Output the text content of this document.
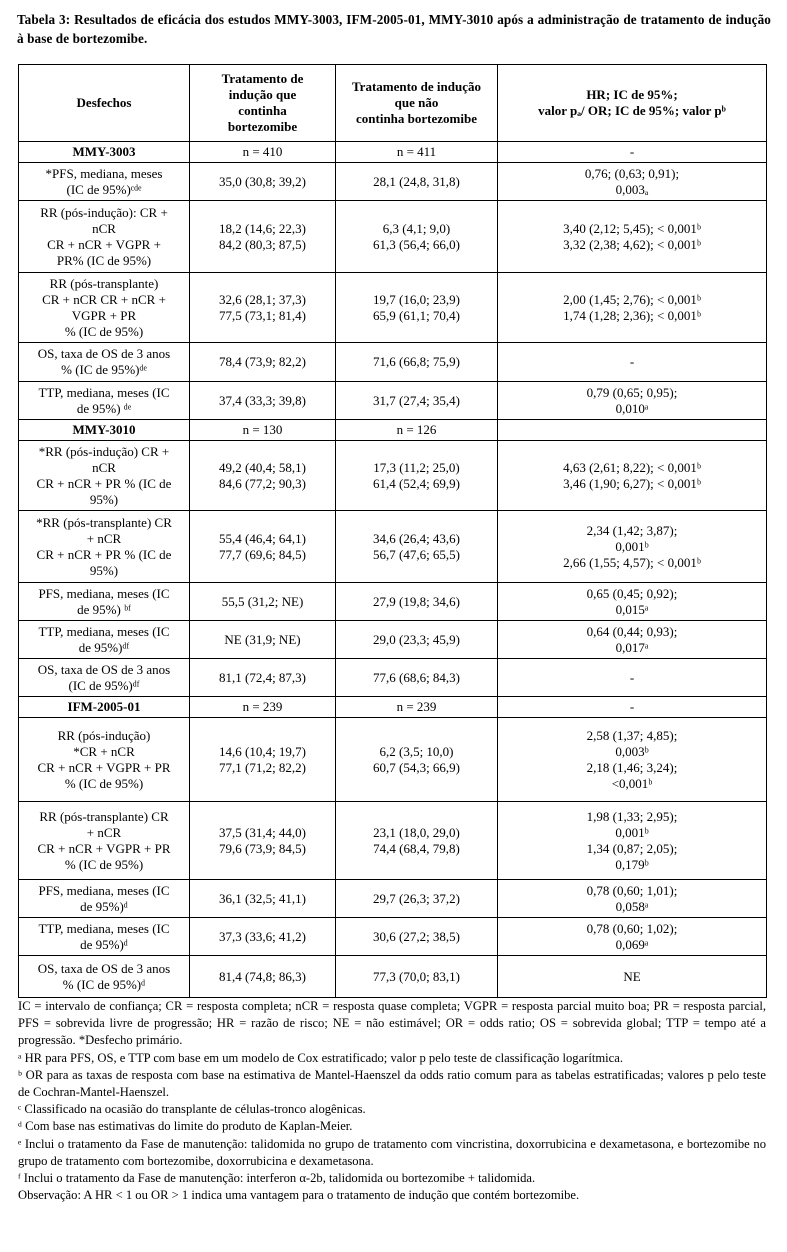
Tabela 3: Resultados de eficácia dos estudos MMY-3003, IFM-2005-01, MMY-3010 após a administração de tratamento de indução à base de bortezomibe.
Desfechos	Tratamento de
indução que
continha
bortezomibe	Tratamento de indução
que não
continha bortezomibe	HR; IC de 95%;
valor pₐ/ OR; IC de 95%; valor pᵇ

MMY-3003	n = 410	n = 411	-

*PFS, mediana, meses
(IC de 95%)ᶜᵈᵉ	35,0 (30,8; 39,2)	28,1 (24,8, 31,8)	0,76; (0,63; 0,91);
0,003ₐ

RR (pós-indução): CR +
nCR
CR + nCR + VGPR +
PR% (IC de 95%)	18,2 (14,6; 22,3)
84,2 (80,3; 87,5)	6,3 (4,1; 9,0)
61,3 (56,4; 66,0)	3,40 (2,12; 5,45); < 0,001ᵇ
3,32 (2,38; 4,62); < 0,001ᵇ

RR (pós-transplante)
CR + nCR CR + nCR +
VGPR + PR
% (IC de 95%)	32,6 (28,1; 37,3)
77,5 (73,1; 81,4)	19,7 (16,0; 23,9)
65,9 (61,1; 70,4)	2,00 (1,45; 2,76); < 0,001ᵇ
1,74 (1,28; 2,36); < 0,001ᵇ

OS, taxa de OS de 3 anos
% (IC de 95%)ᵈᵉ	78,4 (73,9; 82,2)	71,6 (66,8; 75,9)	-

TTP, mediana, meses (IC
de 95%) ᵈᵉ	37,4 (33,3; 39,8)	31,7 (27,4; 35,4)	0,79 (0,65; 0,95);
0,010ᵃ

MMY-3010	n = 130	n = 126	

*RR (pós-indução) CR +
nCR
CR + nCR + PR % (IC de
95%)	49,2 (40,4; 58,1)
84,6 (77,2; 90,3)	17,3 (11,2; 25,0)
61,4 (52,4; 69,9)	4,63 (2,61; 8,22); < 0,001ᵇ
3,46 (1,90; 6,27); < 0,001ᵇ

*RR (pós-transplante) CR
+ nCR
CR + nCR + PR % (IC de
95%)	55,4 (46,4; 64,1)
77,7 (69,6; 84,5)	34,6 (26,4; 43,6)
56,7 (47,6; 65,5)	2,34 (1,42; 3,87);
0,001ᵇ
2,66 (1,55; 4,57); < 0,001ᵇ

PFS, mediana, meses (IC
de 95%) ᵇᶠ	55,5 (31,2; NE)	27,9 (19,8; 34,6)	0,65 (0,45; 0,92);
0,015ᵃ

TTP, mediana, meses (IC
de 95%)ᵈᶠ	NE (31,9; NE)	29,0 (23,3; 45,9)	0,64 (0,44; 0,93);
0,017ᵃ

OS, taxa de OS de 3 anos
(IC de 95%)ᵈᶠ	81,1 (72,4; 87,3)	77,6 (68,6; 84,3)	-

IFM-2005-01	n = 239	n = 239	-

RR (pós-indução)
*CR + nCR
CR + nCR + VGPR + PR
% (IC de 95%)	14,6 (10,4; 19,7)
77,1 (71,2; 82,2)	6,2 (3,5; 10,0)
60,7 (54,3; 66,9)	2,58 (1,37; 4,85);
0,003ᵇ
2,18 (1,46; 3,24);
<0,001ᵇ

RR (pós-transplante) CR
+ nCR
CR + nCR + VGPR + PR
% (IC de 95%)	37,5 (31,4; 44,0)
79,6 (73,9; 84,5)	23,1 (18,0, 29,0)
74,4 (68,4, 79,8)	1,98 (1,33; 2,95);
0,001ᵇ
1,34 (0,87; 2,05);
0,179ᵇ

PFS, mediana, meses (IC
de 95%)ᵈ	36,1 (32,5; 41,1)	29,7 (26,3; 37,2)	0,78 (0,60; 1,01);
0,058ᵃ

TTP, mediana, meses (IC
de 95%)ᵈ	37,3 (33,6; 41,2)	30,6 (27,2; 38,5)	0,78 (0,60; 1,02);
0,069ᵃ

OS, taxa de OS de 3 anos
% (IC de 95%)ᵈ	81,4 (74,8; 86,3)	77,3 (70,0; 83,1)	NE

IC = intervalo de confiança; CR = resposta completa; nCR = resposta quase completa; VGPR = resposta parcial muito boa; PR = resposta parcial, PFS = sobrevida livre de progressão; HR = razão de risco; NE = não estimável; OR = odds ratio; OS = sobrevida global; TTP = tempo até a progressão. *Desfecho primário.

ᵃ HR para PFS, OS, e TTP com base em um modelo de Cox estratificado; valor p pelo teste de classificação logarítmica.

ᵇ OR para as taxas de resposta com base na estimativa de Mantel-Haenszel da odds ratio comum para as tabelas estratificadas; valores p pelo teste de Cochran-Mantel-Haenszel.

ᶜ Classificado na ocasião do transplante de células-tronco alogênicas.

ᵈ Com base nas estimativas do limite do produto de Kaplan-Meier.

ᵉ Inclui o tratamento da Fase de manutenção: talidomida no grupo de tratamento com vincristina, doxorrubicina e dexametasona, e bortezomibe no grupo de tratamento com bortezomibe, doxorrubicina e dexametasona.

ᶠ Inclui o tratamento da Fase de manutenção: interferon α-2b, talidomida ou bortezomibe + talidomida.

Observação: A HR < 1 ou OR > 1 indica uma vantagem para o tratamento de indução que contém bortezomibe.
